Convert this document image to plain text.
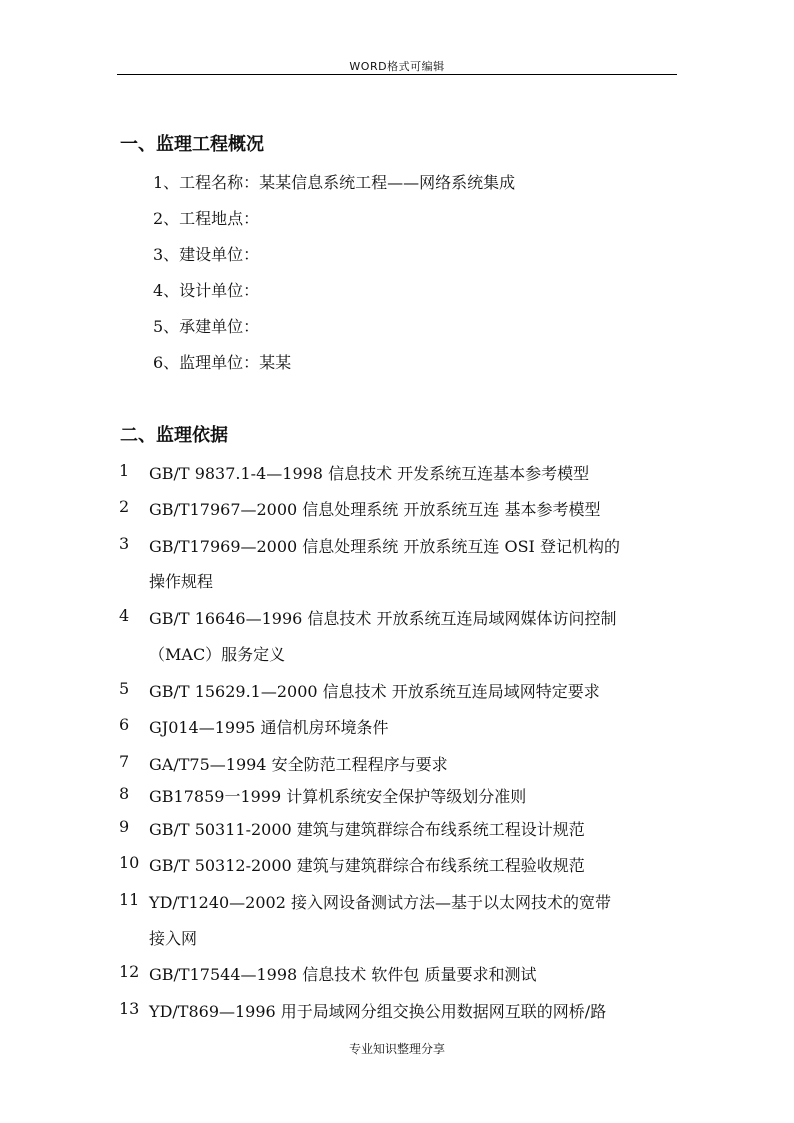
WORD格式可编辑
一、监理工程概况
1、工程名称：某某信息系统工程——网络系统集成
2、工程地点：
3、建设单位：
4、设计单位：
5、承建单位：
6、监理单位：某某
二、监理依据
1 GB/T 9837.1-4—1998 信息技术 开发系统互连基本参考模型
2 GB/T17967—2000 信息处理系统 开放系统互连 基本参考模型
3 GB/T17969—2000 信息处理系统 开放系统互连 OSI 登记机构的
操作规程
4 GB/T 16646—1996 信息技术 开放系统互连局域网媒体访问控制
（MAC）服务定义
5 GB/T 15629.1—2000 信息技术 开放系统互连局域网特定要求
6 GJ014—1995 通信机房环境条件
7 GA/T75—1994 安全防范工程程序与要求
8 GB17859一1999 计算机系统安全保护等级划分准则
9 GB/T 50311-2000 建筑与建筑群综合布线系统工程设计规范
10 GB/T 50312-2000 建筑与建筑群综合布线系统工程验收规范
11 YD/T1240—2002 接入网设备测试方法—基于以太网技术的宽带
接入网
12 GB/T17544—1998 信息技术 软件包 质量要求和测试
13 YD/T869—1996 用于局域网分组交换公用数据网互联的网桥/路
专业知识整理分享
